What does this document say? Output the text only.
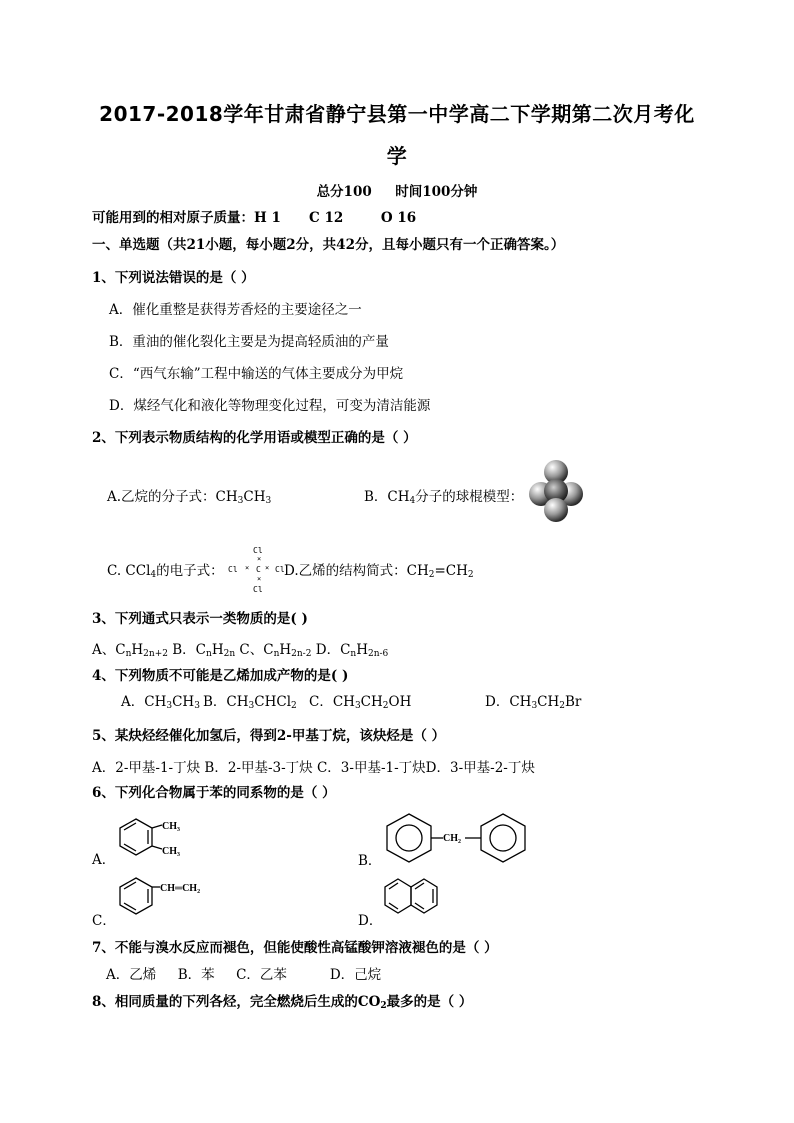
2017-2018学年甘肃省静宁县第一中学高二下学期第二次月考化
学
总分100     时间100分钟
可能用到的相对原子质量：H 1      C 12        O 16
一、单选题（共21小题，每小题2分，共42分，且每小题只有一个正确答案。）
1、下列说法错误的是（ ）
A．催化重整是获得芳香烃的主要途径之一
B．重油的催化裂化主要是为提高轻质油的产量
C．“西气东输”工程中输送的气体主要成分为甲烷
D．煤经气化和液化等物理变化过程，可变为清洁能源
2、下列表示物质结构的化学用语或模型正确的是（ ）
A.乙烷的分子式：$CH_3CH_3$	B．$CH_4$分子的球棍模型：
C. CCl$_4$的电子式：
Cl
×
Cl × C × Cl
×
Cl
D.乙烯的结构简式：$CH_2=CH_2$
3、下列通式只表示一类物质的是( )
A、$C_nH_{2n+2}$ B．$C_nH_{2n}$ C、$C_nH_{2n-2}$ D．$C_nH_{2n-6}$
4、下列物质不可能是乙烯加成产物的是( )
A．$CH_3CH_3$ B．$CH_3CHCl_2$ C．$CH_3CH_2OH$	D．$CH_3CH_2Br$
5、某炔烃经催化加氢后，得到2-甲基丁烷，该炔烃是（ ）
A．2-甲基-1-丁炔 B．2-甲基-3-丁炔 C．3-甲基-1-丁炔D．3-甲基-2-丁炔
6、下列化合物属于苯的同系物的是（ ）
A．
CH₃
CH₃
B．
CH₂
C．
CH═CH₂
D．
7、不能与溴水反应而褪色，但能使酸性高锰酸钾溶液褪色的是（ ）
A．乙烯     B．苯     C．乙苯          D．己烷
8、相同质量的下列各烃，完全燃烧后生成的$CO_2$最多的是（ ）
